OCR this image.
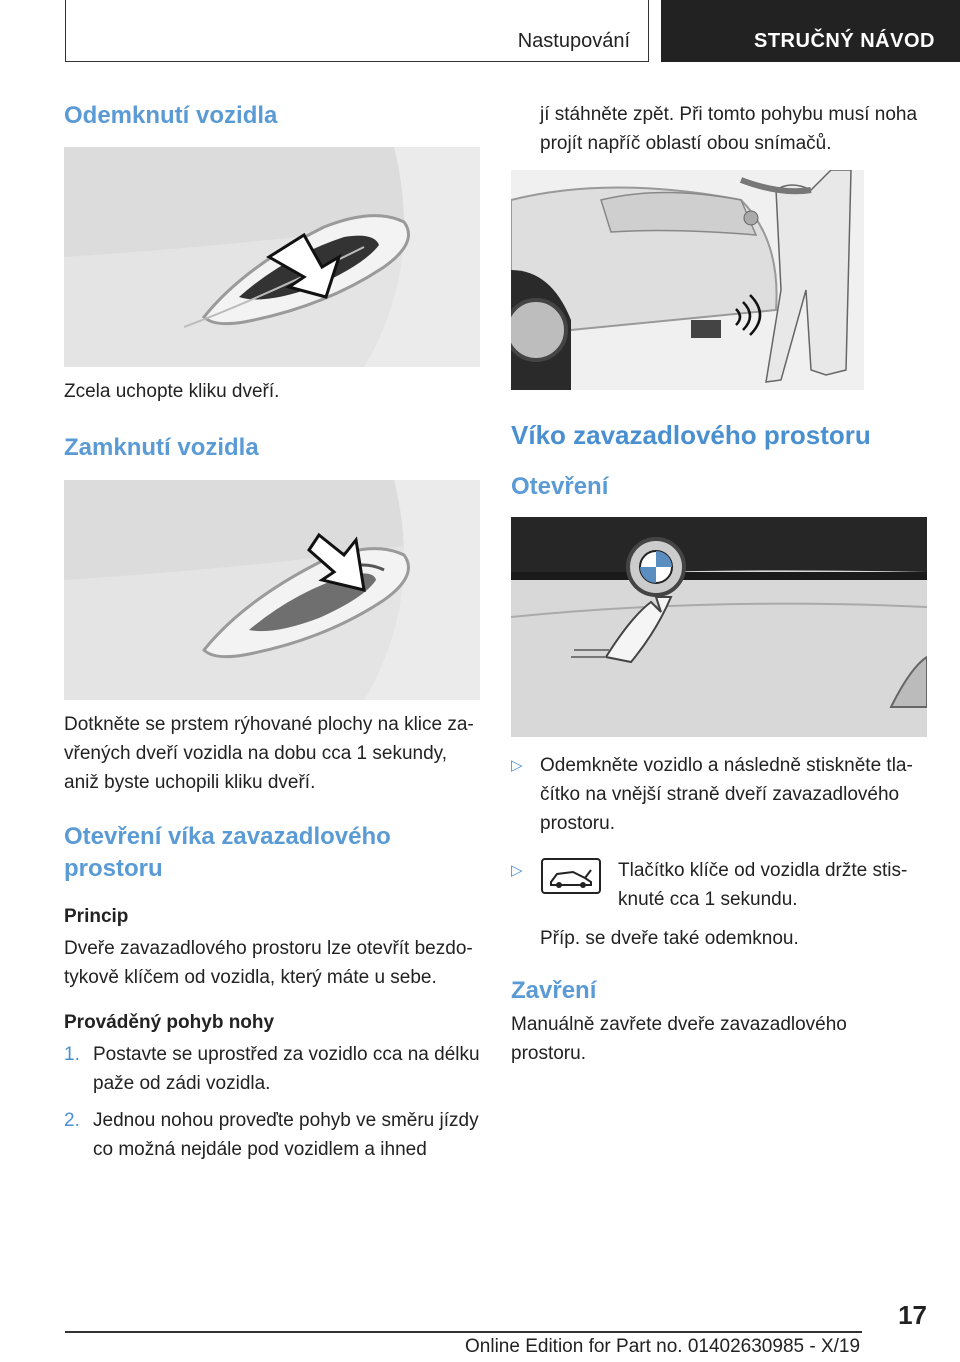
Nastupování	STRUČNÝ NÁVOD
Odemknutí vozidla

Zcela uchopte kliku dveří.

Zamknutí vozidla

Dotkněte se prstem rýhované plochy na klice za-vřených dveří vozidla na dobu cca 1 sekundy, aniž byste uchopili kliku dveří.

Otevření víka zavazadlového prostoru
Princip

Dveře zavazadlového prostoru lze otevřít bezdo-tykově klíčem od vozidla, který máte u sebe.

Prováděný pohyb nohy
1. Postavte se uprostřed za vozidlo cca na délku paže od zádi vozidla.
2. Jednou nohou proveďte pohyb ve směru jízdy co možná nejdále pod vozidlem a ihned

jí stáhněte zpět. Při tomto pohybu musí noha projít napříč oblastí obou snímačů.

Víko zavazadlového prostoru
Otevření
▷ Odemkněte vozidlo a následně stiskněte tla-čítko na vnější straně dveří zavazadlového prostoru.
▷	Tlačítko klíče od vozidla držte stis-knuté cca 1 sekundu.

Příp. se dveře také odemknou.

Zavření

Manuálně zavřete dveře zavazadlového prostoru.

17
Online Edition for Part no. 01402630985 - X/19
